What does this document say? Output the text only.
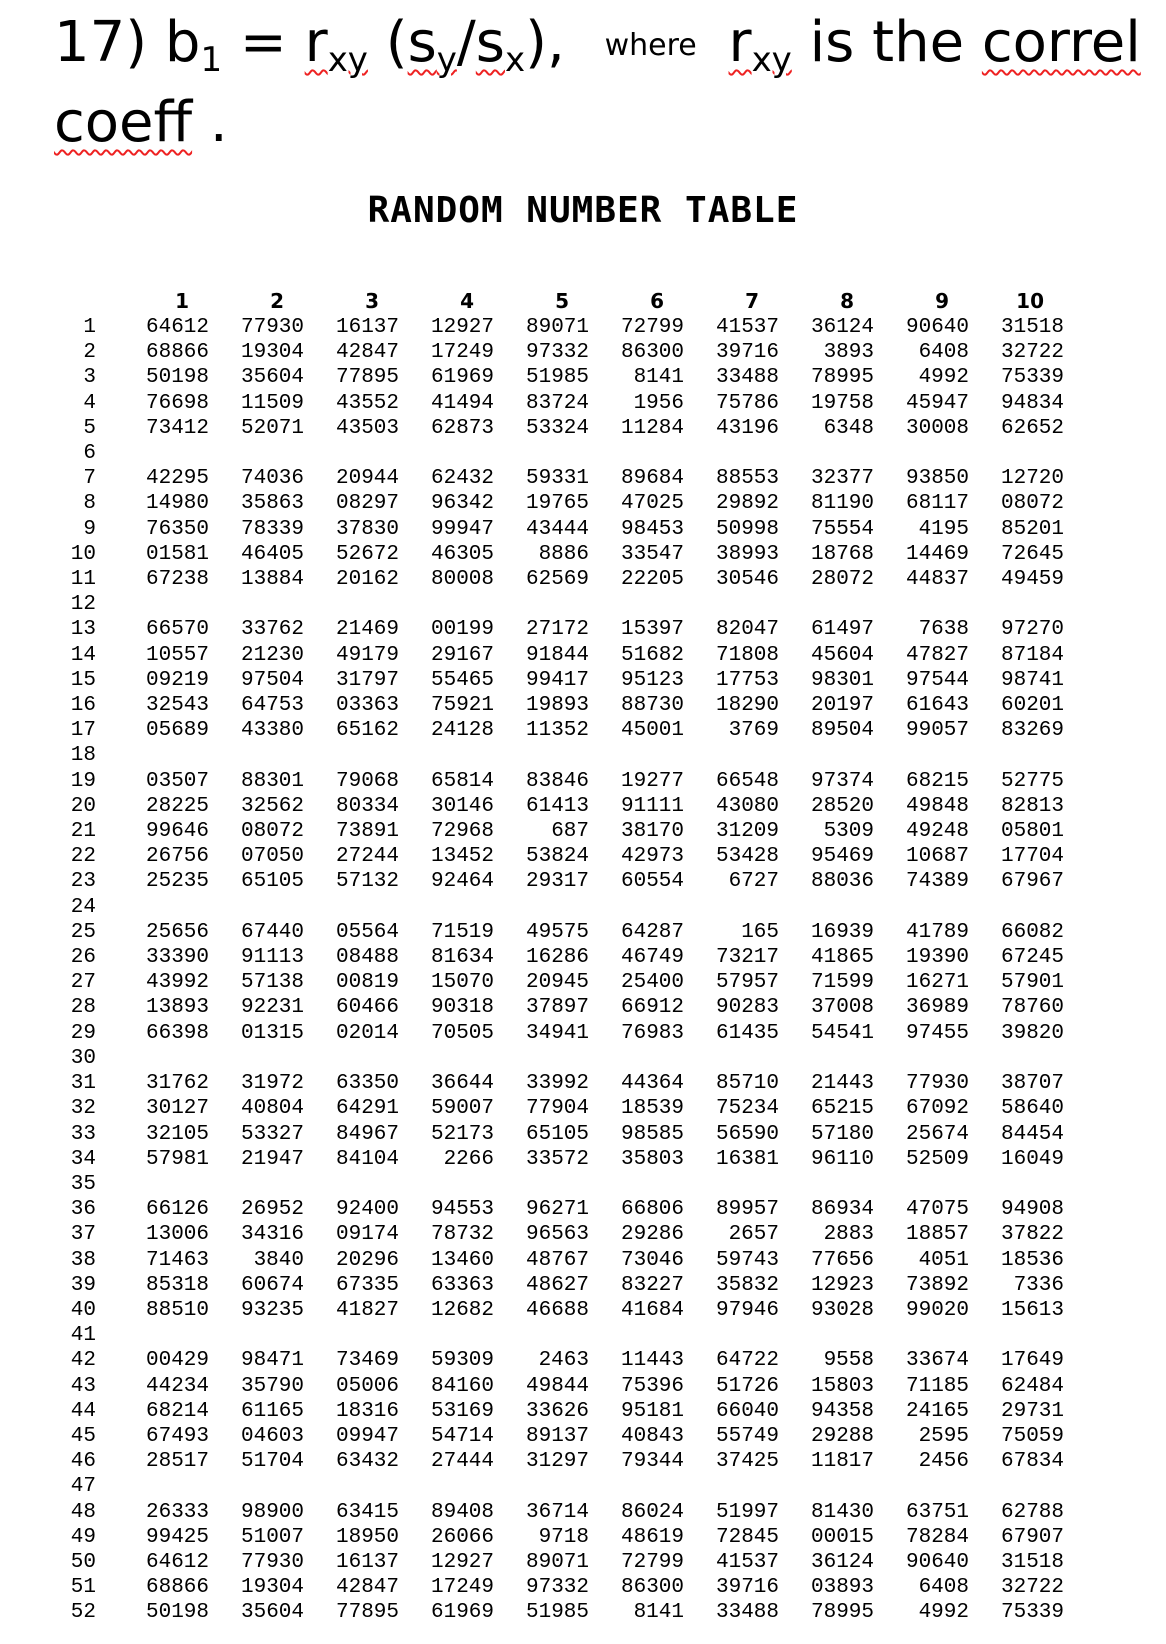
17) $b_1 = r_{xy}$ $(s_y/s_x)$, where $r_{xy}$ is the correl
coeff .
RANDOM NUMBER TABLE
	1	2	3	4	5	6	7	8	9	10
1	64612	77930	16137	12927	89071	72799	41537	36124	90640	31518
2	68866	19304	42847	17249	97332	86300	39716	3893	6408	32722
3	50198	35604	77895	61969	51985	8141	33488	78995	4992	75339
4	76698	11509	43552	41494	83724	1956	75786	19758	45947	94834
5	73412	52071	43503	62873	53324	11284	43196	6348	30008	62652
6										
7	42295	74036	20944	62432	59331	89684	88553	32377	93850	12720
8	14980	35863	08297	96342	19765	47025	29892	81190	68117	08072
9	76350	78339	37830	99947	43444	98453	50998	75554	4195	85201
10	01581	46405	52672	46305	8886	33547	38993	18768	14469	72645
11	67238	13884	20162	80008	62569	22205	30546	28072	44837	49459
12										
13	66570	33762	21469	00199	27172	15397	82047	61497	7638	97270
14	10557	21230	49179	29167	91844	51682	71808	45604	47827	87184
15	09219	97504	31797	55465	99417	95123	17753	98301	97544	98741
16	32543	64753	03363	75921	19893	88730	18290	20197	61643	60201
17	05689	43380	65162	24128	11352	45001	3769	89504	99057	83269
18										
19	03507	88301	79068	65814	83846	19277	66548	97374	68215	52775
20	28225	32562	80334	30146	61413	91111	43080	28520	49848	82813
21	99646	08072	73891	72968	687	38170	31209	5309	49248	05801
22	26756	07050	27244	13452	53824	42973	53428	95469	10687	17704
23	25235	65105	57132	92464	29317	60554	6727	88036	74389	67967
24										
25	25656	67440	05564	71519	49575	64287	165	16939	41789	66082
26	33390	91113	08488	81634	16286	46749	73217	41865	19390	67245
27	43992	57138	00819	15070	20945	25400	57957	71599	16271	57901
28	13893	92231	60466	90318	37897	66912	90283	37008	36989	78760
29	66398	01315	02014	70505	34941	76983	61435	54541	97455	39820
30										
31	31762	31972	63350	36644	33992	44364	85710	21443	77930	38707
32	30127	40804	64291	59007	77904	18539	75234	65215	67092	58640
33	32105	53327	84967	52173	65105	98585	56590	57180	25674	84454
34	57981	21947	84104	2266	33572	35803	16381	96110	52509	16049
35										
36	66126	26952	92400	94553	96271	66806	89957	86934	47075	94908
37	13006	34316	09174	78732	96563	29286	2657	2883	18857	37822
38	71463	3840	20296	13460	48767	73046	59743	77656	4051	18536
39	85318	60674	67335	63363	48627	83227	35832	12923	73892	7336
40	88510	93235	41827	12682	46688	41684	97946	93028	99020	15613
41										
42	00429	98471	73469	59309	2463	11443	64722	9558	33674	17649
43	44234	35790	05006	84160	49844	75396	51726	15803	71185	62484
44	68214	61165	18316	53169	33626	95181	66040	94358	24165	29731
45	67493	04603	09947	54714	89137	40843	55749	29288	2595	75059
46	28517	51704	63432	27444	31297	79344	37425	11817	2456	67834
47										
48	26333	98900	63415	89408	36714	86024	51997	81430	63751	62788
49	99425	51007	18950	26066	9718	48619	72845	00015	78284	67907
50	64612	77930	16137	12927	89071	72799	41537	36124	90640	31518
51	68866	19304	42847	17249	97332	86300	39716	03893	6408	32722
52	50198	35604	77895	61969	51985	8141	33488	78995	4992	75339
